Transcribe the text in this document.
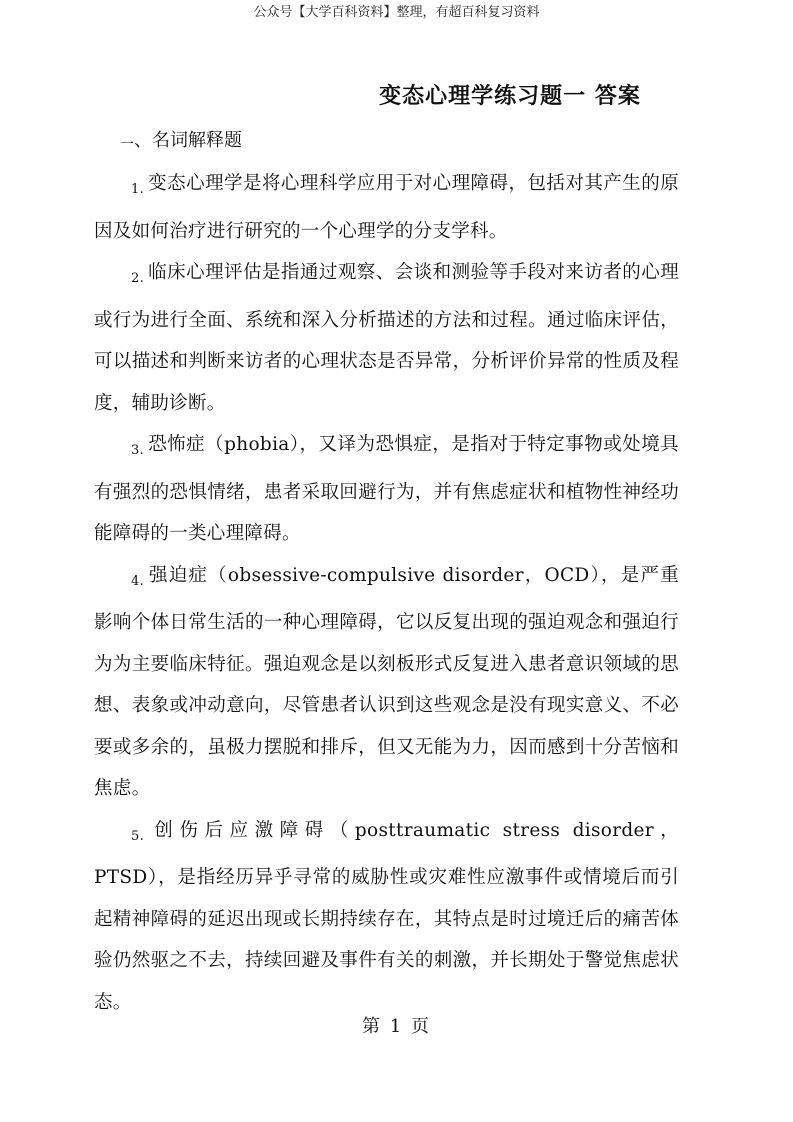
公众号【大学百科资料】整理，有超百科复习资料
变态心理学练习题一 答案
一、名词解释题

$_{1.}$ 变态心理学是将心理科学应用于对心理障碍，包括对其产生的原因及如何治疗进行研究的一个心理学的分支学科。

$_{2.}$ 临床心理评估是指通过观察、会谈和测验等手段对来访者的心理或行为进行全面、系统和深入分析描述的方法和过程。通过临床评估，可以描述和判断来访者的心理状态是否异常，分析评价异常的性质及程度，辅助诊断。

$_{3.}$ 恐怖症（phobia），又译为恐惧症，是指对于特定事物或处境具有强烈的恐惧情绪，患者采取回避行为，并有焦虑症状和植物性神经功能障碍的一类心理障碍。

$_{4.}$ 强迫症（obsessive-compulsive disorder，OCD），是严重影响个体日常生活的一种心理障碍，它以反复出现的强迫观念和强迫行为为主要临床特征。强迫观念是以刻板形式反复进入患者意识领域的思想、表象或冲动意向，尽管患者认识到这些观念是没有现实意义、不必要或多余的，虽极力摆脱和排斥，但又无能为力，因而感到十分苦恼和焦虑。

$_{5.}$ 创伤后应激障碍（posttraumatic stress disorder，PTSD），是指经历异乎寻常的威胁性或灾难性应激事件或情境后而引起精神障碍的延迟出现或长期持续存在，其特点是时过境迁后的痛苦体验仍然驱之不去，持续回避及事件有关的刺激，并长期处于警觉焦虑状态。

第 1 页
